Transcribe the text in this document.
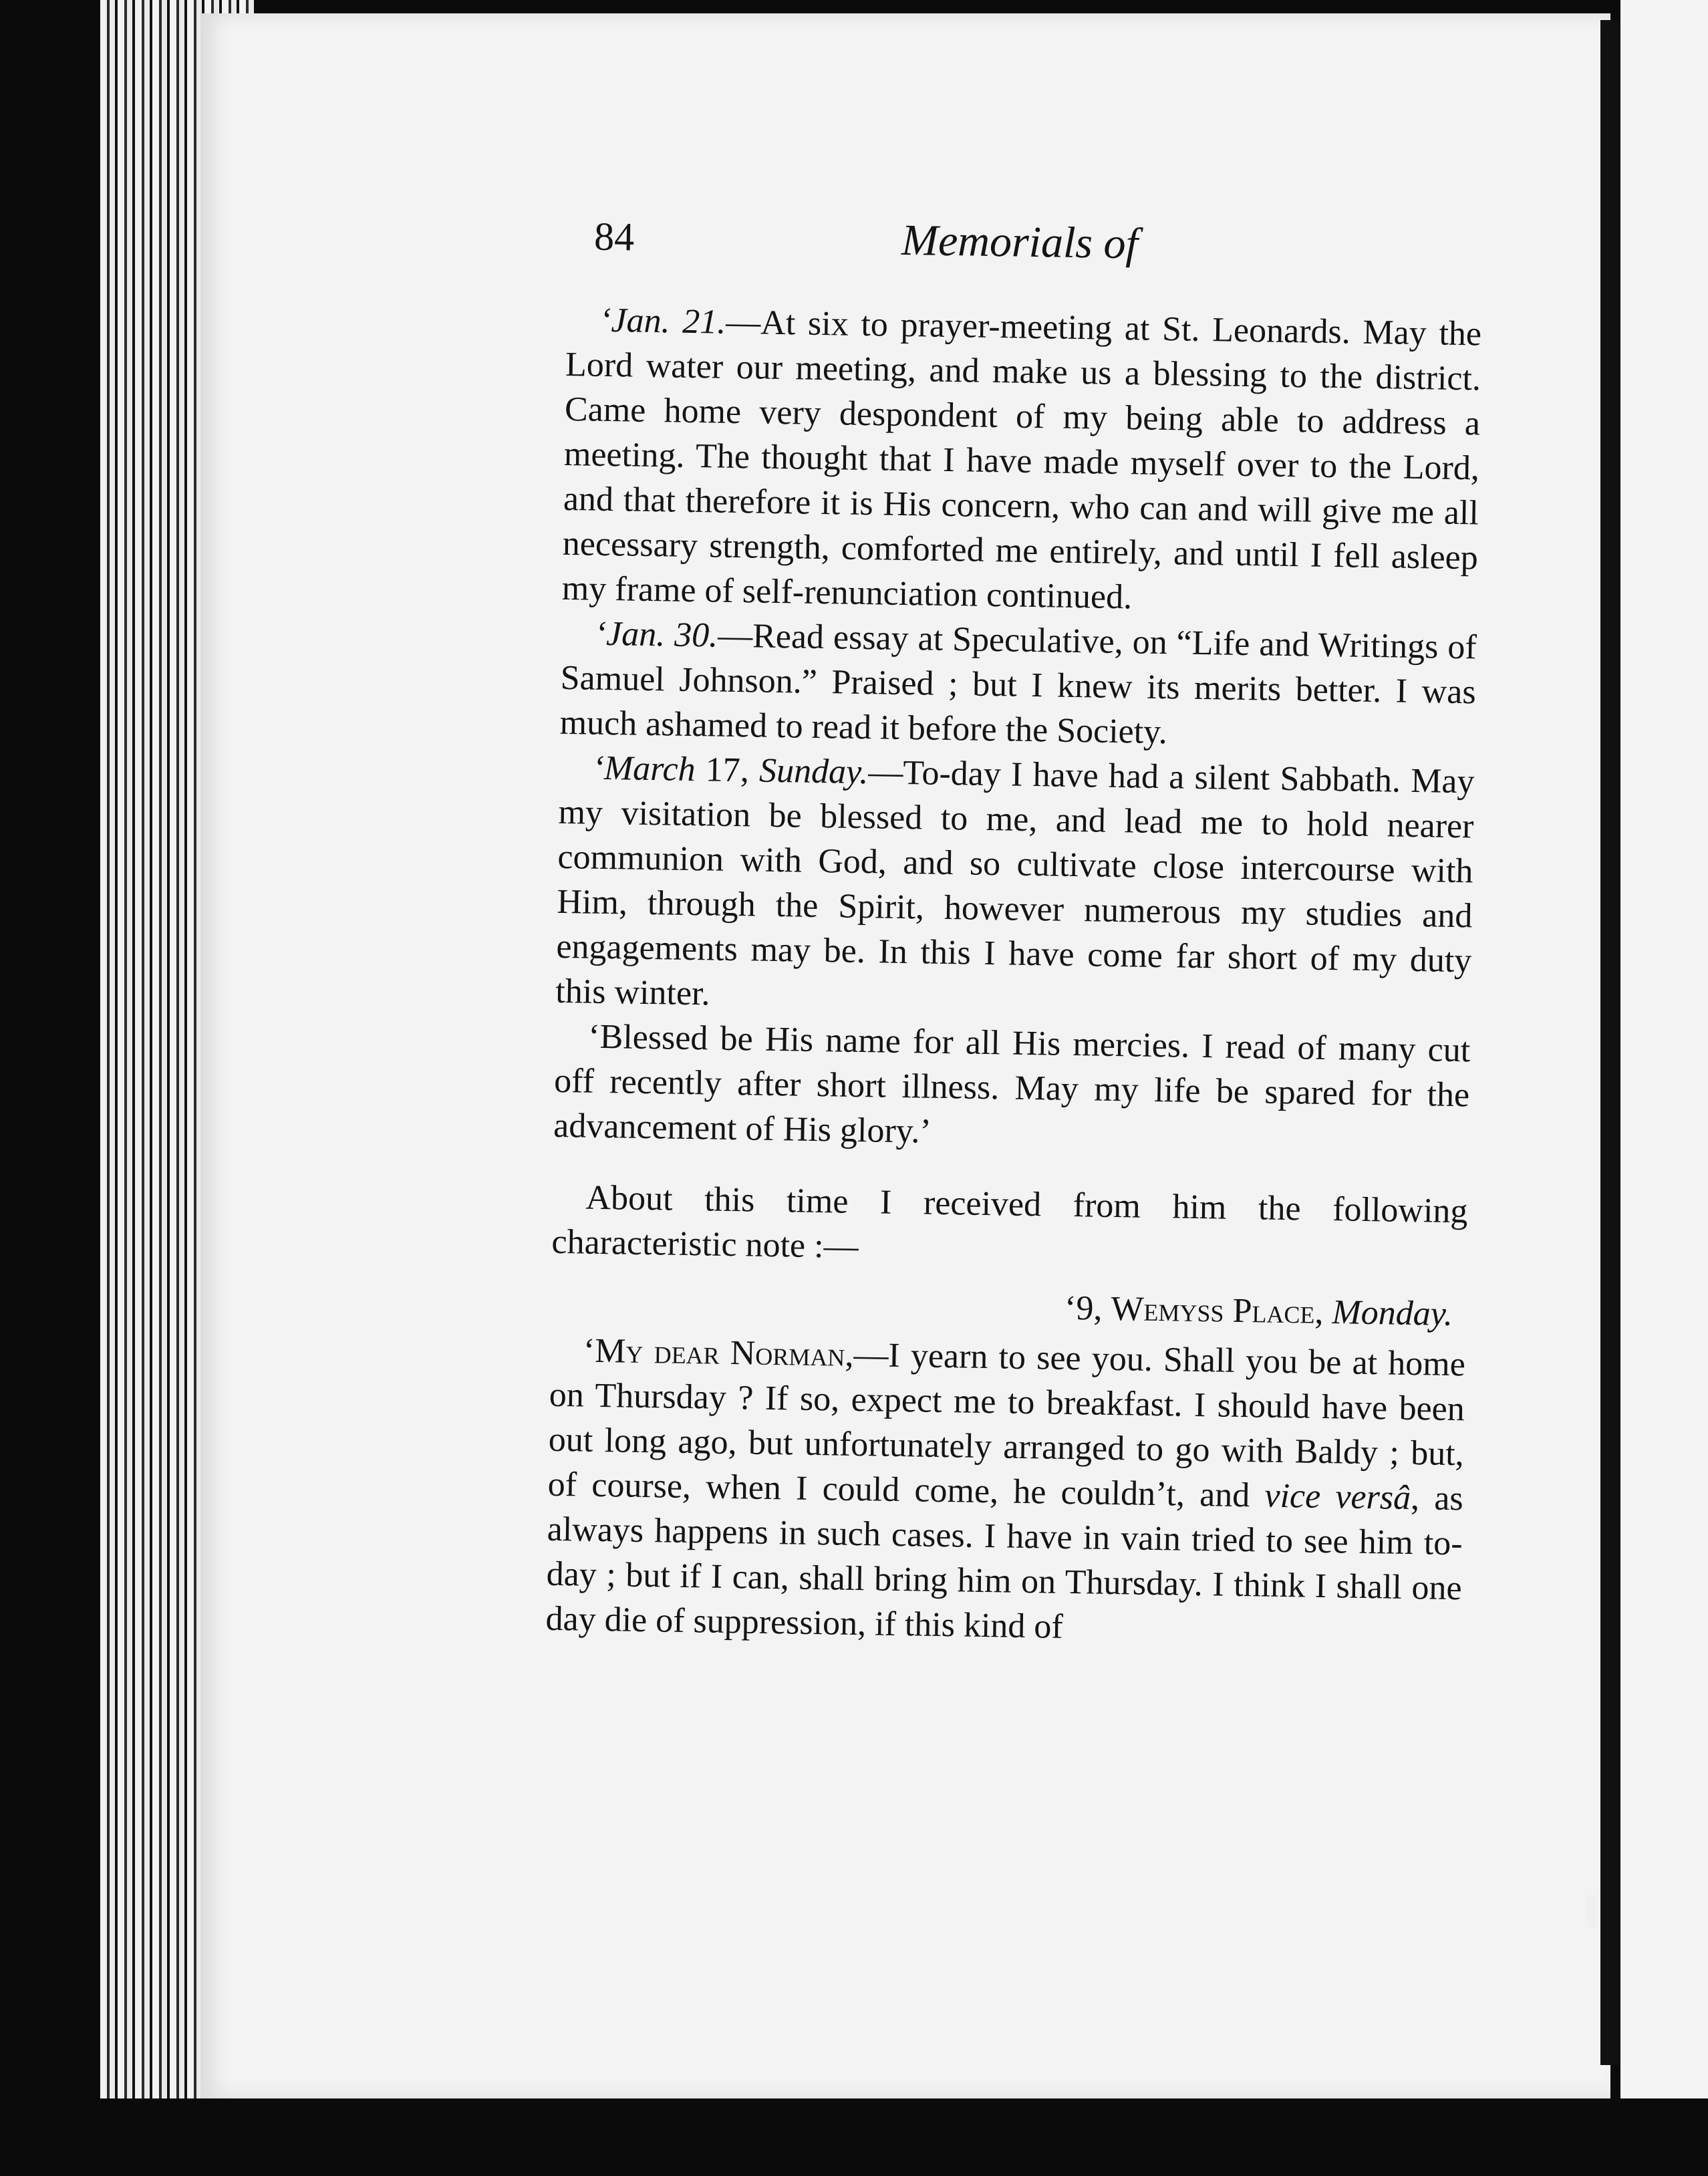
84	Memorials of

‘Jan. 21.—At six to prayer-meeting at St. Leonards. May the Lord water our meeting, and make us a blessing to the district. Came home very despondent of my being able to address a meeting. The thought that I have made myself over to the Lord, and that therefore it is His concern, who can and will give me all necessary strength, comforted me entirely, and until I fell asleep my frame of self-renunciation continued.

‘Jan. 30.—Read essay at Speculative, on “Life and Writings of Samuel Johnson.” Praised ; but I knew its merits better. I was much ashamed to read it before the Society.

‘March 17, Sunday.—To-day I have had a silent Sabbath. May my visitation be blessed to me, and lead me to hold nearer communion with God, and so cultivate close intercourse with Him, through the Spirit, however numerous my studies and engagements may be. In this I have come far short of my duty this winter.

‘Blessed be His name for all His mercies. I read of many cut off recently after short illness. May my life be spared for the advancement of His glory.’

About this time I received from him the following characteristic note :—

‘9, Wemyss Place, Monday.

‘My dear Norman,—I yearn to see you. Shall you be at home on Thursday ? If so, expect me to breakfast. I should have been out long ago, but unfortunately arranged to go with Baldy ; but, of course, when I could come, he couldn’t, and vice versâ, as always happens in such cases. I have in vain tried to see him to-day ; but if I can, shall bring him on Thursday. I think I shall one day die of suppression, if this kind of
